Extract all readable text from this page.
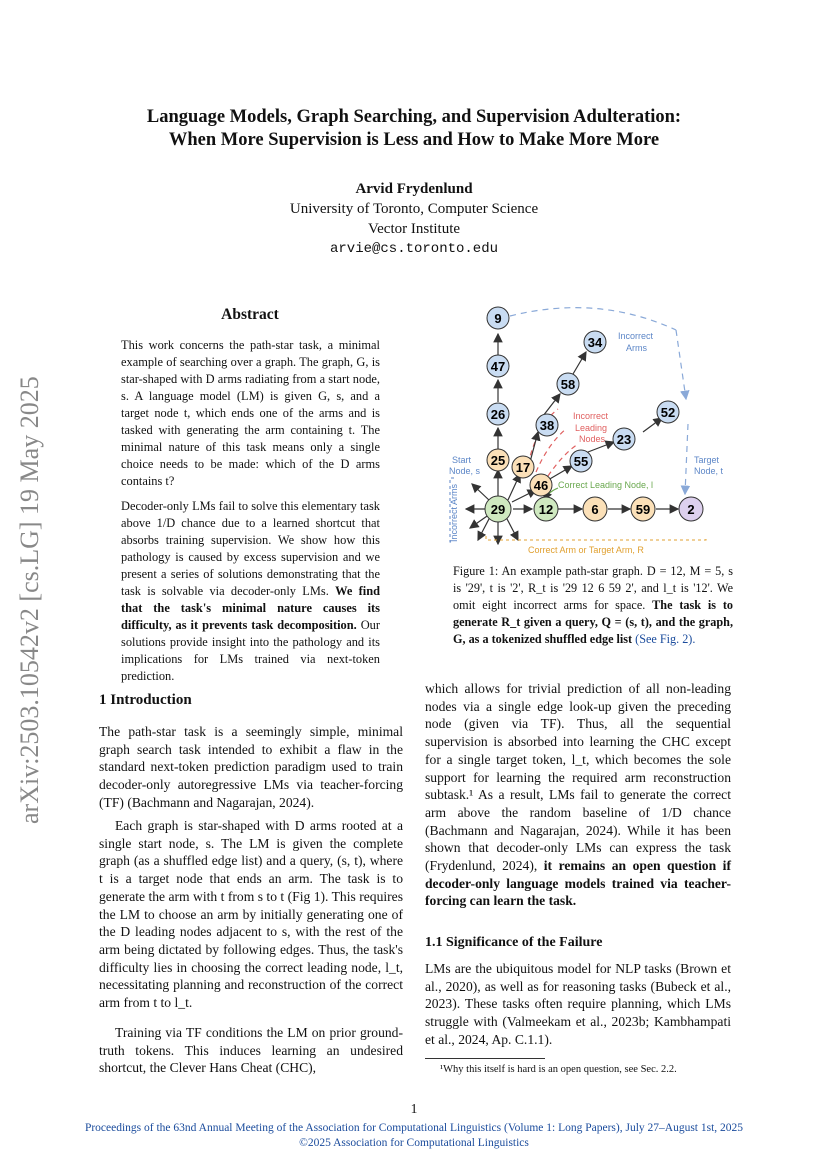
Language Models, Graph Searching, and Supervision Adulteration:
When More Supervision is Less and How to Make More More
Arvid Frydenlund
University of Toronto, Computer Science
Vector Institute
arvie@cs.toronto.edu
arXiv:2503.10542v2 [cs.LG] 19 May 2025
Abstract

This work concerns the path-star task, a minimal example of searching over a graph. The graph, G, is star-shaped with D arms radiating from a start node, s. A language model (LM) is given G, s, and a target node t, which ends one of the arms and is tasked with generating the arm containing t. The minimal nature of this task means only a single choice needs to be made: which of the D arms contains t?

Decoder-only LMs fail to solve this elementary task above 1/D chance due to a learned shortcut that absorbs training supervision. We show how this pathology is caused by excess supervision and we present a series of solutions demonstrating that the task is solvable via decoder-only LMs. We find that the task's minimal nature causes its difficulty, as it prevents task decomposition. Our solutions provide insight into the pathology and its implications for LMs trained via next-token prediction.

9
47
26
25
29
34
58
38
17
46
55
23
52
12	6	59	2
Incorrect
Arms
Incorrect
Leading
Nodes
Start
Node, s
Target
Node, t
Correct Leading Node, l
Correct Arm or Target Arm, R
Incorrect Arms
Figure 1: An example path-star graph. D = 12, M = 5, s is '29', t is '2', R_t is '29 12 6 59 2', and l_t is '12'. We omit eight incorrect arms for space. The task is to generate R_t given a query, Q = (s, t), and the graph, G, as a tokenized shuffled edge list (See Fig. 2).
1 Introduction
The path-star task is a seemingly simple, minimal graph search task intended to exhibit a flaw in the standard next-token prediction paradigm used to train decoder-only autoregressive LMs via teacher-forcing (TF) (Bachmann and Nagarajan, 2024).
Each graph is star-shaped with D arms rooted at a single start node, s. The LM is given the complete graph (as a shuffled edge list) and a query, (s, t), where t is a target node that ends an arm. The task is to generate the arm with t from s to t (Fig 1). This requires the LM to choose an arm by initially generating one of the D leading nodes adjacent to s, with the rest of the arm being dictated by following edges. Thus, the task's difficulty lies in choosing the correct leading node, l_t, necessitating planning and reconstruction of the correct arm from t to l_t.
Training via TF conditions the LM on prior ground-truth tokens. This induces learning an undesired shortcut, the Clever Hans Cheat (CHC),
which allows for trivial prediction of all non-leading nodes via a single edge look-up given the preceding node (given via TF). Thus, all the sequential supervision is absorbed into learning the CHC except for a single target token, l_t, which becomes the sole support for learning the required arm reconstruction subtask.¹ As a result, LMs fail to generate the correct arm above the random baseline of 1/D chance (Bachmann and Nagarajan, 2024). While it has been shown that decoder-only LMs can express the task (Frydenlund, 2024), it remains an open question if decoder-only language models trained via teacher-forcing can learn the task.
1.1 Significance of the Failure
LMs are the ubiquitous model for NLP tasks (Brown et al., 2020), as well as for reasoning tasks (Bubeck et al., 2023). These tasks often require planning, which LMs struggle with (Valmeekam et al., 2023b; Kambhampati et al., 2024, Ap. C.1.1).
¹Why this itself is hard is an open question, see Sec. 2.2.
1
Proceedings of the 63nd Annual Meeting of the Association for Computational Linguistics (Volume 1: Long Papers), July 27–August 1st, 2025
©2025 Association for Computational Linguistics
